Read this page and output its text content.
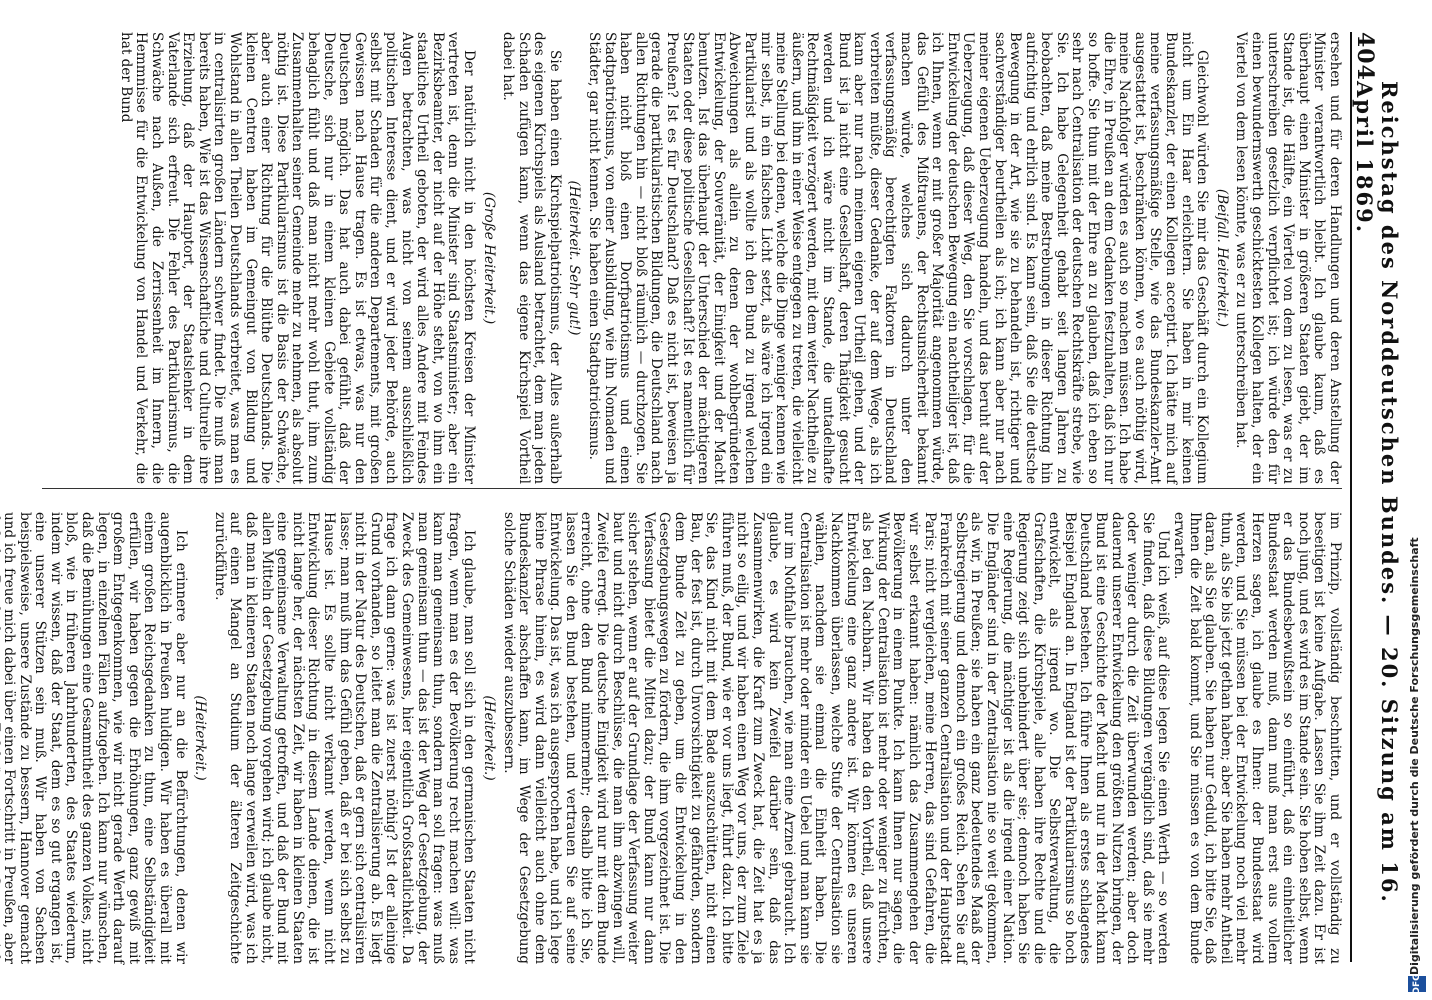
404
Reichstag des Norddeutschen Bundes. — 20. Sitzung am 16. April 1869.

ersehen und für deren Handlungen und deren Anstellung der Minister verantwortlich bleibt. Ich glaube kaum, daß es überhaupt einen Minister in größeren Staaten giebt, der im Stande ist, die Hälfte, ein Viertel von dem zu lesen, was er zu unterschreiben gesetzlich verpflichtet ist; ich würde den für einen bewundernswerth geschicktesten Kollegen halten, der ein Viertel von dem lesen könnte, was er zu unterschreiben hat.

(Beifall. Heiterkeit.)

Gleichwohl würden Sie mir das Geschäft durch ein Kollegium nicht um Ein Haar erleichtern. Sie haben in mir keinen Bundeskanzler, der einen Kollegen acceptirt. Ich hätte mich auf meine verfassungsmäßige Stelle, wie das Bundeskanzler-Amt ausgestattet ist, beschränken können, wo es auch nöthig wird, meine Nachfolger würden es auch so machen müssen. Ich habe die Ehre, in Preußen an dem Gedanken festzuhalten, daß ich nur so hoffe. Sie thun mit der Ehre an zu glauben, daß ich eben so sehr nach Centralisation der deutschen Rechtskräfte strebe, wie Sie. Ich habe Gelegenheit gehabt seit langen Jahren zu beobachten, daß meine Bestrebungen in dieser Richtung hin aufrichtig und ehrlich sind. Es kann sein, daß Sie die deutsche Bewegung in der Art, wie sie zu behandeln ist, richtiger und sachverständiger beurtheilen als ich; ich kann aber nur nach meiner eigenen Ueberzeugung handeln, und das beruht auf der Ueberzeugung, daß dieser Weg, den Sie vorschlagen, für die Entwickelung der deutschen Bewegung ein nachtheiliger ist, daß ich Ihnen, wenn er mit großer Majorität angenommen würde, das Gefühl des Mißtrauens, der Rechtsunsicherheit bekannt machen würde, welches sich dadurch unter den verfassungsmäßig berechtigten Faktoren in Deutschland verbreiten müßte, dieser Gedanke, der auf dem Wege, als ich kann aber nur nach meinem eigenen Urtheil gehen, und der Bund ist ja nicht eine Gesellschaft, deren Thätigkeit gesucht werden und ich wäre nicht im Stande, die untadelhafte Rechtmäßigkeit verzögert werden, mit dem weiter Nachtheile zu äußern, und ihm in einer Weise entgegen zu treten, die vielleicht meine Stellung bei denen, welche die Dinge weniger kennen wie mir selbst, in ein falsches Licht setzt, als wäre ich irgend ein Partikularist und als wollte ich den Bund zu irgend welchen Abweichungen als allein zu denen der wohlbegründeten Entwickelung, der Souveränität, der Einigkeit und der Macht benutzen. Ist das überhaupt der Unterschied der mächtigeren Staaten oder diese politische Gesellschaft? Ist es namentlich für Preußen? Ist es für Deutschland? Daß es nicht ist, beweisen ja gerade die partikularistischen Bildungen, die Deutschland nach allen Richtungen hin — nicht bloß räumlich — durchzogen. Sie haben nicht bloß einen Dorfpatriotismus und einen Stadtpatriotismus, von einer Ausbildung, wie ihn Nomaden und Städter, gar nicht kennen. Sie haben einen Stadtpatriotismus.

(Heiterkeit. Sehr gut!)

Sie haben einen Kirchspielpatriotismus, der Alles außerhalb des eigenen Kirchspiels als Ausland betrachtet, dem man jeden Schaden zufügen kann, wenn das eigene Kirchspiel Vortheil dabei hat.

(Große Heiterkeit.)

Der natürlich nicht in den höchsten Kreisen der Minister vertreten ist, denn die Minister sind Staatsminister; aber ein Bezirksbeamter, der nicht auf der Höhe steht, von wo ihm ein staatliches Urtheil geboten, der wird alles Andere mit Feindes Augen betrachten, was nicht von seinem ausschließlich politischen Interesse dient, und er wird jeder Behörde, auch selbst mit Schaden für die anderen Departements, mit großen Gewissen nach Hause tragen. Es ist etwas, was nur den Deutschen möglich. Das hat auch dabei gefühlt, daß der Deutsche, sich nur in einem kleinen Gebiete vollständig behaglich fühlt und daß man nicht mehr wohl thut, ihm zum Zusammenhalten seiner Gemeinde mehr zu nehmen, als absolut nöthig ist. Diese Partikularismus ist die Basis der Schwäche, aber auch einer Richtung für die Blüthe Deutschlands. Die kleinen Centren haben im Gemeingut von Bildung und Wohlstand in allen Theilen Deutschlands verbreitet, was man es in centralisirten großen Ländern schwer findet. Die muß man bereits haben, Wie ist das Wissenschaftliche und Culturelle ihre Erziehung, daß der Hauptort, der Staatslenker in dem Vaterlande sich erfreut. Die Fehler des Partikularismus, die Schwäche nach Außen, die Zerrissenheit im Innern, die Hemmnisse für die Entwickelung von Handel und Verkehr, die hat der Bund

im Prinzip, vollständig beschnitten, und er vollständig zu beseitigen ist keine Aufgabe. Lassen Sie ihm Zeit dazu. Er ist noch jung, und es wird es im Stande sein. Sie hoben selbst, wenn er das Bundesbewußtsein so einführt, daß ein einheitlicher Bundesstaat werden muß, dann muß man erst aus vollem Herzen sagen, ich glaube es Ihnen: der Bundesstaat wird werden, und Sie müssen bei der Entwickelung noch viel mehr thun, als Sie bis jetzt gethan haben; aber Sie haben mehr Antheil daran, als Sie glauben. Sie haben nur Geduld, ich bitte Sie, daß Ihnen die Zeit bald kommt, und Sie müssen es von dem Bunde erwarten.

Und ich weiß, auf diese legen Sie einen Werth — so werden Sie finden, daß diese Bildungen vergänglich sind, daß sie mehr oder weniger durch die Zeit überwunden werden; aber doch dauernd unserer Entwickelung den größten Nutzen bringen, der Bund ist eine Geschichte der Macht und nur in der Macht kann Deutschland bestehen. Ich führe Ihnen als erstes schlagendes Beispiel England an. In England ist der Partikularismus so hoch entwickelt, als irgend wo. Die Selbstverwaltung, die Grafschaften, die Kirchspiele, alle haben ihre Rechte und die Regierung zeigt sich unbehindert über sie; dennoch haben Sie eine Regierung, die mächtiger ist als die irgend einer Nation. Die Engländer sind in der Zentralisation nie so weit gekommen, als wir, in Preußen; sie haben ein ganz bedeutendes Maaß der Selbstregierung und dennoch ein großes Reich. Sehen Sie auf Frankreich mit seiner ganzen Centralisation und der Hauptstadt Paris; nicht vergleichen, meine Herren, das sind Gefahren, die wir selbst erkannt haben: nämlich das Zusammengehen der Bevölkerung in einem Punkte. Ich kann Ihnen nur sagen, die Wirkung der Centralisation ist mehr oder weniger zu fürchten, als bei den Nachbarn. Wir haben da den Vortheil, daß unsere Entwickelung eine ganz andere ist. Wir können es unseren Nachkommen überlassen, welche Stufe der Centralisation sie wählen, nachdem sie einmal die Einheit haben. Die Centralisation ist mehr oder minder ein Uebel und man kann sie nur im Nothfalle brauchen, wie man eine Arznei gebraucht. Ich glaube, es wird kein Zweifel darüber sein, daß das Zusammenwirken, die Kraft zum Zweck hat, die Zeit hat es ja nicht so eilig, und wir haben einen Weg vor uns, der zum Ziele führen muß, der Bund, wie er vor uns liegt, führt dazu. Ich bitte Sie, das Kind nicht mit dem Bade auszuschütten, nicht einen Bau, der fest ist, durch Unvorsichtigkeit zu gefährden, sondern dem Bunde Zeit zu geben, um die Entwickelung in den Gesetzgebungswegen zu fördern, die ihm vorgezeichnet ist. Die Verfassung bietet die Mittel dazu; der Bund kann nur dann sicher stehen, wenn er auf der Grundlage der Verfassung weiter baut und nicht durch Beschlüsse, die man ihm abzwingen will, Zweifel erregt. Die deutsche Einigkeit wird nur mit dem Bunde erreicht, ohne den Bund nimmermehr; deshalb bitte ich Sie, lassen Sie den Bund bestehen, und vertrauen Sie auf seine Entwickelung. Das ist, was ich ausgesprochen habe, und ich lege keine Phrase hinein, es wird dann vielleicht auch ohne dem Bundeskanzler abschaffen kann, im Wege der Gesetzgebung solche Schäden wieder auszubessern.

(Heiterkeit.)

Ich glaube, man soll sich in den germanischen Staaten nicht fragen, wenn man es der Bevölkerung recht machen will: was kann man gemeinsam thun, sondern man soll fragen: was muß man gemeinsam thun — das ist der Weg der Gesetzgebung, der Zweck des Gemeinwesens, hier eigentlich Großstaatlichkeit. Da frage ich dann gerne: was ist zuerst nöthig? Ist der alleinige Grund vorhanden, so leitet man die Zentralisierung ab. Es liegt nicht in der Natur des Deutschen, daß er gern sich centralisiren lasse; man muß ihm das Gefühl geben, daß er bei sich selbst zu Hause ist. Es sollte nicht verkannt werden, wenn nicht Entwicklung dieser Richtung in diesem Lande dienen, die ist nicht lange her, der nächsten Zeit, wir haben in kleinen Staaten eine gemeinsame Verwaltung getroffen, und daß der Bund mit allen Mitteln der Gesetzgebung vorgehen wird; ich glaube nicht, daß man in kleineren Staaten noch lange verweilen wird, was ich auf einen Mangel an Studium der älteren Zeitgeschichte zurückführe.

(Heiterkeit.)

Ich erinnere aber nur an die Befürchtungen, denen wir augenblicklich in Preußen huldigen. Wir haben es überall mit einem großen Reichsgedanken zu thun, eine Selbständigkeit erfüllen, wir haben gegen die Erhöhungen, ganz gewiß mit großem Entgegenkommen, wie wir nicht gerade Werth darauf legen, in einzelnen Fällen aufzugeben. Ich kann nur wünschen, daß die Bemühungen eine Gesammtheit des ganzen Volkes, nicht bloß, wie in früheren Jahrhunderten, des Staates wiederum, indem wir wissen, daß der Staat, dem es so gut ergangen ist, eine unserer Stützen sein muß. Wir haben von Sachsen beispielsweise, unsere Zustände zu bessern, Hannover gemacht und ich freue mich dabei über einen Fortschritt in Preußen, aber

DFG
Digitalisierung gefördert durch die Deutsche Forschungsgemeinschaft
